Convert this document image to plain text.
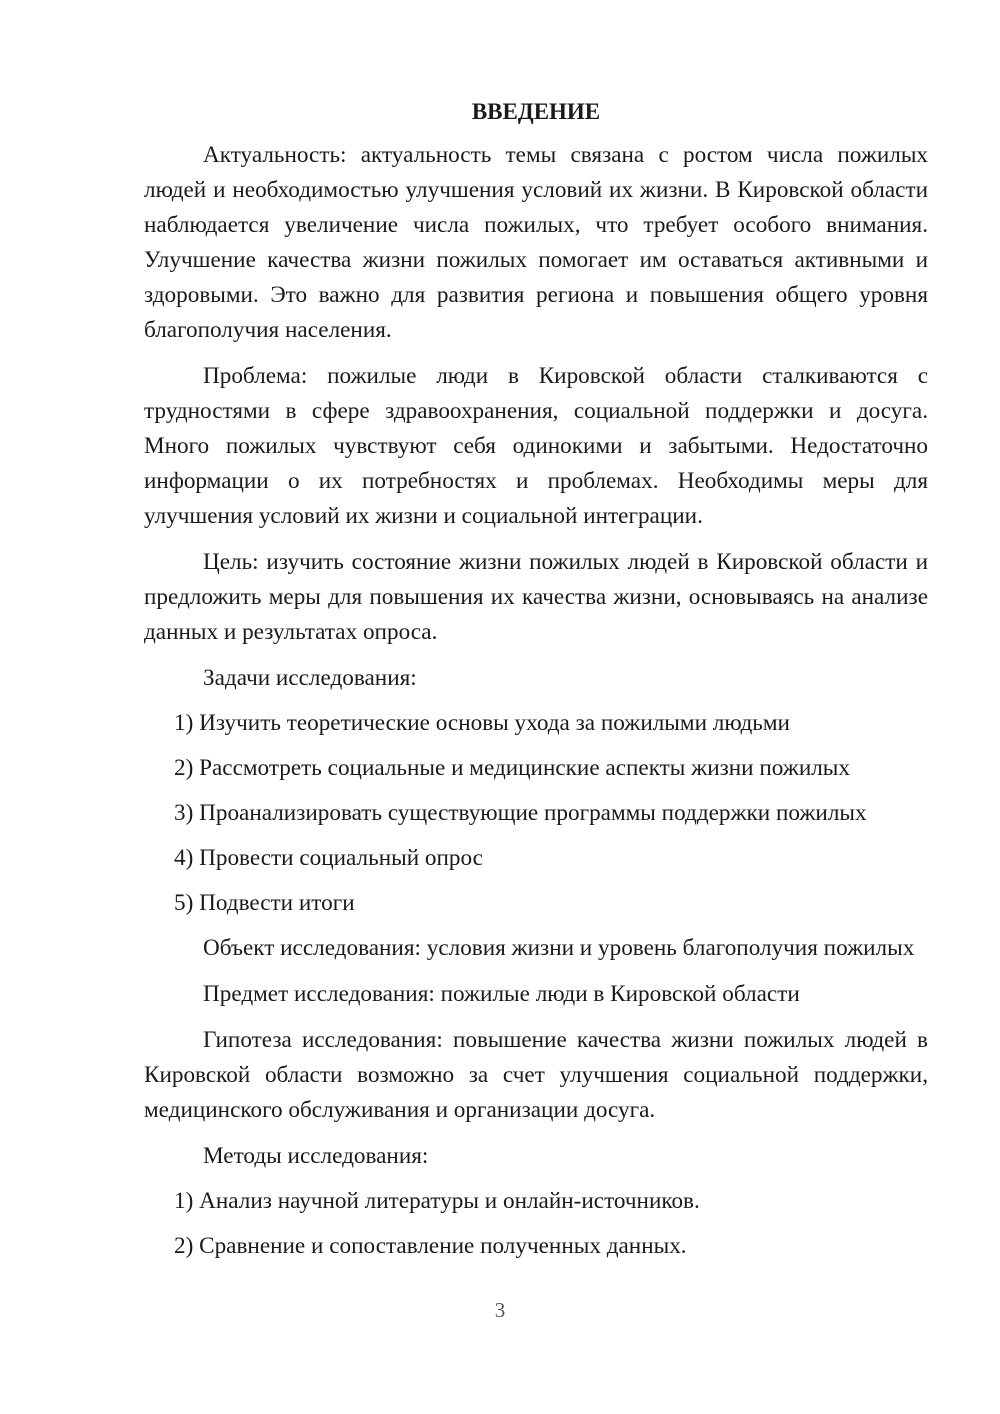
ВВЕДЕНИЕ

Актуальность: актуальность темы связана с ростом числа пожилых людей и необходимостью улучшения условий их жизни. В Кировской области наблюдается увеличение числа пожилых, что требует особого внимания. Улучшение качества жизни пожилых помогает им оставаться активными и здоровыми. Это важно для развития региона и повышения общего уровня благополучия населения.

Проблема: пожилые люди в Кировской области сталкиваются с трудностями в сфере здравоохранения, социальной поддержки и досуга. Много пожилых чувствуют себя одинокими и забытыми. Недостаточно информации о их потребностях и проблемах. Необходимы меры для улучшения условий их жизни и социальной интеграции.

Цель: изучить состояние жизни пожилых людей в Кировской области и предложить меры для повышения их качества жизни, основываясь на анализе данных и результатах опроса.

Задачи исследования:
1) Изучить теоретические основы ухода за пожилыми людьми
2) Рассмотреть социальные и медицинские аспекты жизни пожилых
3) Проанализировать существующие программы поддержки пожилых
4) Провести социальный опрос
5) Подвести итоги

Объект исследования: условия жизни и уровень благополучия пожилых

Предмет исследования: пожилые люди в Кировской области

Гипотеза исследования: повышение качества жизни пожилых людей в Кировской области возможно за счет улучшения социальной поддержки, медицинского обслуживания и организации досуга.

Методы исследования:
1) Анализ научной литературы и онлайн-источников.
2) Сравнение и сопоставление полученных данных.
3
